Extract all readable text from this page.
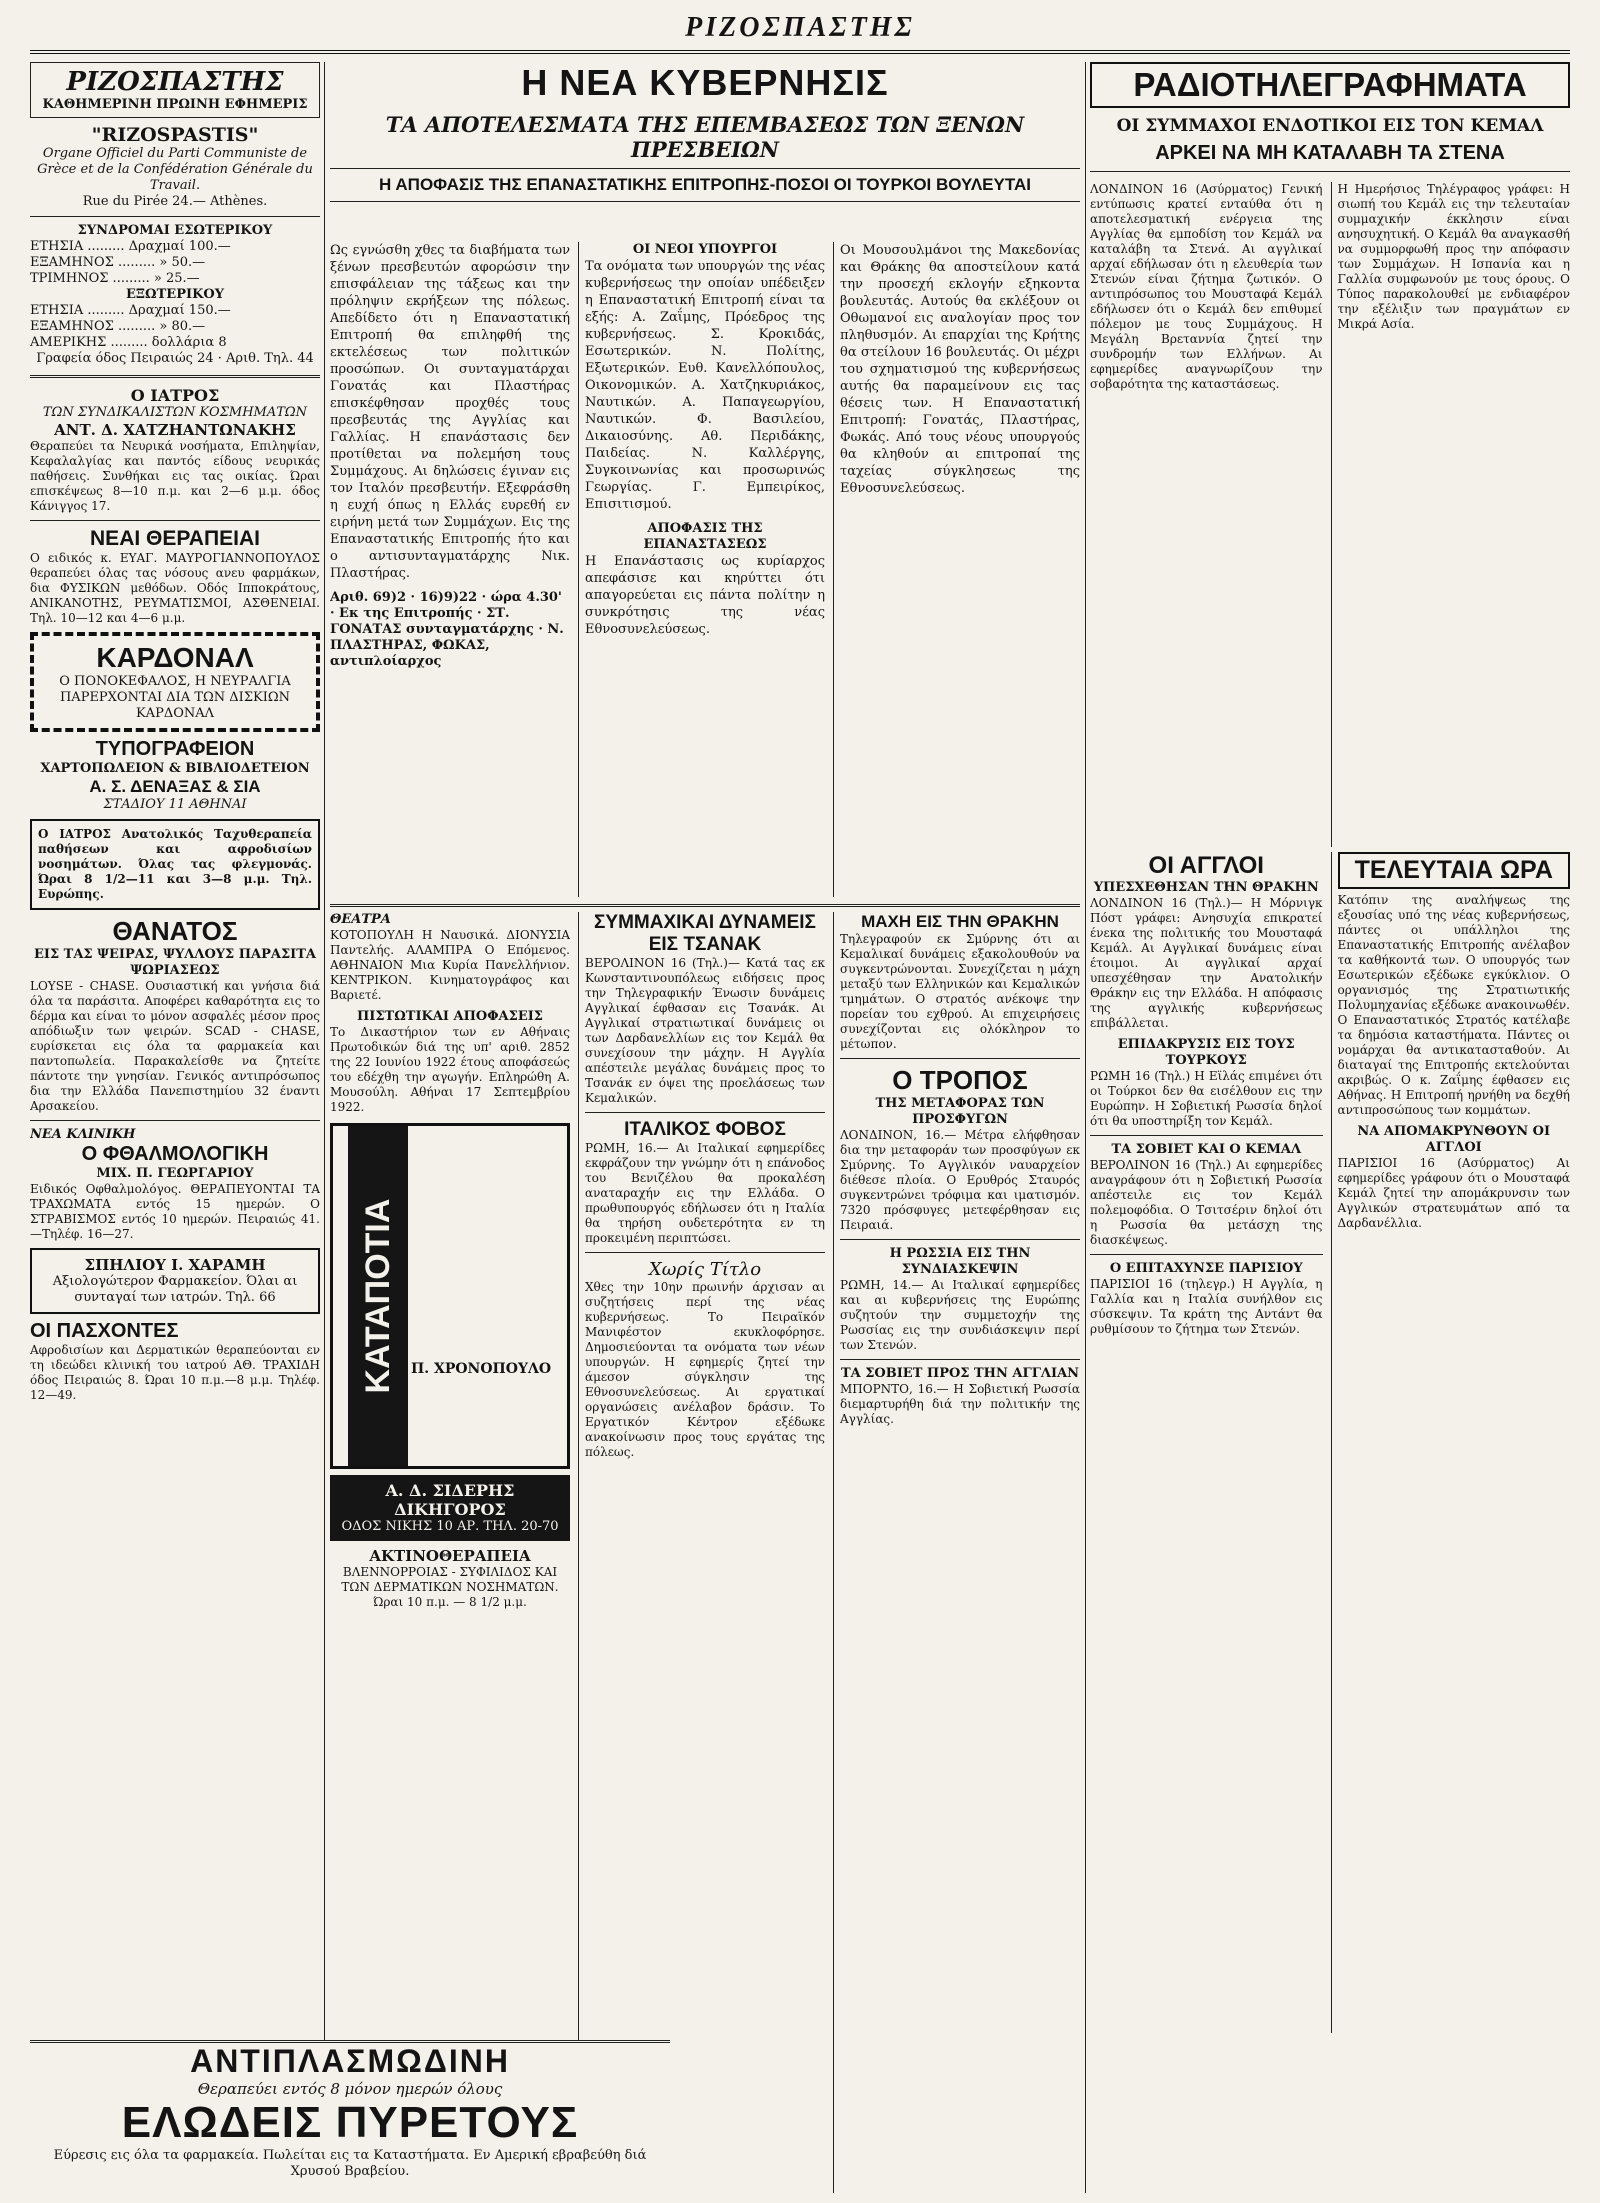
ΡΙΖΟΣΠΑΣΤΗΣ
ΡΙΖΟΣΠΑΣΤΗΣ
ΚΑΘΗΜΕΡΙΝΗ ΠΡΩΙΝΗ ΕΦΗΜΕΡΙΣ
"RIZOSPASTIS"
Organe Officiel du Parti Communiste de Grèce et de la Confédération Générale du Travail.
Rue du Pirée 24.— Athènes.
ΣΥΝΔΡΟΜΑΙ ΕΣΩΤΕΡΙΚΟΥ
ΕΤΗΣΙΑ ......... Δραχμαί 100.—
ΕΞΑΜΗΝΟΣ ......... » 50.—
ΤΡΙΜΗΝΟΣ ......... » 25.—
ΕΞΩΤΕΡΙΚΟΥ
ΕΤΗΣΙΑ ......... Δραχμαί 150.—
ΕΞΑΜΗΝΟΣ ......... » 80.—
ΑΜΕΡΙΚΗΣ ......... δολλάρια 8
Γραφεία όδος Πειραιώς 24 · Αριθ. Τηλ. 44
Ο ΙΑΤΡΟΣ
ΤΩΝ ΣΥΝΔΙΚΑΛΙΣΤΩΝ ΚΟΣΜΗΜΑΤΩΝ
ΑΝΤ. Δ. ΧΑΤΖΗΑΝΤΩΝΑΚΗΣ
Θεραπεύει τα Νευρικά νοσήματα, Επιληψίαν, Κεφαλαλγίας και παντός είδους νευρικάς παθήσεις. Συνθήκαι εις τας οικίας. Ώραι επισκέψεως 8—10 π.μ. και 2—6 μ.μ. όδος Κάνιγγος 17.
ΝΕΑΙ ΘΕΡΑΠΕΙΑΙ
Ο ειδικός κ. ΕΥΑΓ. ΜΑΥΡΟΓΙΑΝΝΟΠΟΥΛΟΣ θεραπεύει όλας τας νόσους ανευ φαρμάκων, δια ΦΥΣΙΚΩΝ μεθόδων. Οδός Ιπποκράτους, ΑΝΙΚΑΝΟΤΗΣ, ΡΕΥΜΑΤΙΣΜΟΙ, ΑΣΘΕΝΕΙΑΙ. Τηλ. 10—12 και 4—6 μ.μ.
ΚΑΡΔΟΝΑΛ
Ο ΠΟΝΟΚΕΦΑΛΟΣ, Η ΝΕΥΡΑΛΓΙΑ ΠΑΡΕΡΧΟΝΤΑΙ ΔΙΑ ΤΩΝ ΔΙΣΚΙΩΝ ΚΑΡΔΟΝΑΛ
ΤΥΠΟΓΡΑΦΕΙΟΝ
ΧΑΡΤΟΠΩΛΕΙΟΝ & ΒΙΒΛΙΟΔΕΤΕΙΟΝ
Α. Σ. ΔΕΝΑΞΑΣ & ΣΙΑ
ΣΤΑΔΙΟΥ 11 ΑΘΗΝΑΙ
Ο ΙΑΤΡΟΣ Ανατολικός Ταχυθεραπεία παθήσεων και αφροδισίων νοσημάτων. Όλας τας φλεγμονάς. Ώραι 8 1/2—11 και 3—8 μ.μ. Τηλ. Ευρώπης.
ΘΑΝΑΤΟΣ
ΕΙΣ ΤΑΣ ΨΕΙΡΑΣ, ΨΥΛΛΟΥΣ ΠΑΡΑΣΙΤΑ ΨΩΡΙΑΣΕΩΣ
LOYSE - CHASE. Ουσιαστική και γνήσια διά όλα τα παράσιτα. Αποφέρει καθαρότητα εις το δέρμα και είναι το μόνον ασφαλές μέσον προς απόδιωξιν των ψειρών. SCAD - CHASE, ευρίσκεται εις όλα τα φαρμακεία και παντοπωλεία. Παρακαλείσθε να ζητείτε πάντοτε την γνησίαν. Γενικός αντιπρόσωπος δια την Ελλάδα Πανεπιστημίου 32 έναντι Αρσακείου.
ΝΕΑ ΚΛΙΝΙΚΗ
Ο ΦΘΑΛΜΟΛΟΓΙΚΗ
ΜΙΧ. Π. ΓΕΩΡΓΑΡΙΟΥ
Ειδικός Οφθαλμολόγος. ΘΕΡΑΠΕΥΟΝΤΑΙ ΤΑ ΤΡΑΧΩΜΑΤΑ εντός 15 ημερών. Ο ΣΤΡΑΒΙΣΜΟΣ εντός 10 ημερών. Πειραιώς 41.—Τηλέφ. 16—27.
ΣΠΗΛΙΟΥ Ι. ΧΑΡΑΜΗ
Αξιολογώτερον Φαρμακείον. Όλαι αι συνταγαί των ιατρών. Τηλ. 66
ΟΙ ΠΑΣΧΟΝΤΕΣ
Αφροδισίων και Δερματικών θεραπεύονται εν τη ιδεώδει κλινική του ιατρού ΑΘ. ΤΡΑΧΙΔΗ όδος Πειραιώς 8. Ώραι 10 π.μ.—8 μ.μ. Τηλέφ. 12—49.
Η ΝΕΑ ΚΥΒΕΡΝΗΣΙΣ
ΤΑ ΑΠΟΤΕΛΕΣΜΑΤΑ ΤΗΣ ΕΠΕΜΒΑΣΕΩΣ ΤΩΝ ΞΕΝΩΝ ΠΡΕΣΒΕΙΩΝ
Η ΑΠΟΦΑΣΙΣ ΤΗΣ ΕΠΑΝΑΣΤΑΤΙΚΗΣ ΕΠΙΤΡΟΠΗΣ-ΠΟΣΟΙ ΟΙ ΤΟΥΡΚΟΙ ΒΟΥΛΕΥΤΑΙ
Ως εγνώσθη χθες τα διαβήματα των ξένων πρεσβευτών αφορώσιν την επισφάλειαν της τάξεως και την πρόληψιν εκρήξεων της πόλεως. Απεδίδετο ότι η Επαναστατική Επιτροπή θα επιληφθή της εκτελέσεως των πολιτικών προσώπων. Οι συνταγματάρχαι Γονατάς και Πλαστήρας επισκέφθησαν προχθές τους πρεσβευτάς της Αγγλίας και Γαλλίας. Η επανάστασις δεν προτίθεται να πολεμήση τους Συμμάχους. Αι δηλώσεις έγιναν εις τον Ιταλόν πρεσβευτήν. Εξεφράσθη η ευχή όπως η Ελλάς ευρεθή εν ειρήνη μετά των Συμμάχων. Εις της Επαναστατικής Επιτροπής ήτο και ο αντισυνταγματάρχης Νικ. Πλαστήρας.
Αριθ. 69)2 · 16)9)22 · ώρα 4.30' · Εκ της Επιτροπής · ΣΤ. ΓΟΝΑΤΑΣ συνταγματάρχης · Ν. ΠΛΑΣΤΗΡΑΣ, ΦΩΚΑΣ, αντιπλοίαρχος
ΟΙ ΝΕΟΙ ΥΠΟΥΡΓΟΙ
Τα ονόματα των υπουργών της νέας κυβερνήσεως την οποίαν υπέδειξεν η Επαναστατική Επιτροπή είναι τα εξής: Α. Ζαΐμης, Πρόεδρος της κυβερνήσεως. Σ. Κροκιδάς, Εσωτερικών. Ν. Πολίτης, Εξωτερικών. Ευθ. Κανελλόπουλος, Οικονομικών. Α. Χατζηκυριάκος, Ναυτικών. Α. Παπαγεωργίου, Ναυτικών. Φ. Βασιλείου, Δικαιοσύνης. Αθ. Περιδάκης, Παιδείας. Ν. Καλλέργης, Συγκοινωνίας και προσωρινώς Γεωργίας. Γ. Εμπειρίκος, Επισιτισμού.
ΑΠΟΦΑΣΙΣ ΤΗΣ ΕΠΑΝΑΣΤΑΣΕΩΣ
Η Επανάστασις ως κυρίαρχος απεφάσισε και κηρύττει ότι απαγορεύεται εις πάντα πολίτην η συνκρότησις της νέας Εθνοσυνελεύσεως.
Οι Μουσουλμάνοι της Μακεδονίας και Θράκης θα αποστείλουν κατά την προσεχή εκλογήν εξηκοντα βουλευτάς. Αυτούς θα εκλέξουν οι Οθωμανοί εις αναλογίαν προς τον πληθυσμόν. Αι επαρχίαι της Κρήτης θα στείλουν 16 βουλευτάς. Οι μέχρι του σχηματισμού της κυβερνήσεως αυτής θα παραμείνουν εις τας θέσεις των. Η Επαναστατική Επιτροπή: Γονατάς, Πλαστήρας, Φωκάς. Από τους νέους υπουργούς θα κληθούν αι επιτροπαί της ταχείας σύγκλησεως της Εθνοσυνελεύσεως.
ΘΕΑΤΡΑ
ΚΟΤΟΠΟΥΛΗ Η Ναυσικά. ΔΙΟΝΥΣΙΑ Παντελής. ΑΛΑΜΠΡΑ Ο Επόμενος. ΑΘΗΝΑΙΟΝ Μια Κυρία Πανελλήνιον. ΚΕΝΤΡΙΚΟΝ. Κινηματογράφος και Βαριετέ.
ΠΙΣΤΩΤΙΚΑΙ ΑΠΟΦΑΣΕΙΣ
Το Δικαστήριον των εν Αθήναις Πρωτοδικών διά της υπ' αριθ. 2852 της 22 Ιουνίου 1922 έτους αποφάσεώς του εδέχθη την αγωγήν. Επληρώθη Α. Μουσούλη. Αθήναι 17 Σεπτεμβρίου 1922.
ΚΑΤΑΠΟΤΙΑ ΚΟΥΡΙΕΡ
Π. ΧΡΟΝΟΠΟΥΛΟ
Α. Δ. ΣΙΔΕΡΗΣ ΔΙΚΗΓΟΡΟΣ
ΟΔΟΣ ΝΙΚΗΣ 10 ΑΡ. ΤΗΛ. 20-70
ΑΚΤΙΝΟΘΕΡΑΠΕΙΑ
ΒΛΕΝΝΟΡΡΟΙΑΣ - ΣΥΦΙΛΙΔΟΣ ΚΑΙ ΤΩΝ ΔΕΡΜΑΤΙΚΩΝ ΝΟΣΗΜΑΤΩΝ. Ώραι 10 π.μ. — 8 1/2 μ.μ.
ΣΥΜΜΑΧΙΚΑΙ ΔΥΝΑΜΕΙΣ ΕΙΣ ΤΣΑΝΑΚ
ΒΕΡΟΛΙΝΟΝ 16 (Τηλ.)— Κατά τας εκ Κωνσταντινουπόλεως ειδήσεις προς την Τηλεγραφικήν Ένωσιν δυνάμεις Αγγλικαί έφθασαν εις Τσανάκ. Αι Αγγλικαί στρατιωτικαί δυνάμεις οι των Δαρδανελλίων εις τον Κεμάλ θα συνεχίσουν την μάχην. Η Αγγλία απέστειλε μεγάλας δυνάμεις προς το Τσανάκ εν όψει της προελάσεως των Κεμαλικών.
ΙΤΑΛΙΚΟΣ ΦΟΒΟΣ
ΡΩΜΗ, 16.— Αι Ιταλικαί εφημερίδες εκφράζουν την γνώμην ότι η επάνοδος του Βενιζέλου θα προκαλέση αναταραχήν εις την Ελλάδα. Ο πρωθυπουργός εδήλωσεν ότι η Ιταλία θα τηρήση ουδετερότητα εν τη προκειμένη περιπτώσει.
Χωρίς Τίτλο
Χθες την 10ην πρωινήν άρχισαν αι συζητήσεις περί της νέας κυβερνήσεως. Το Πειραϊκόν Μανιφέστον εκυκλοφόρησε. Δημοσιεύονται τα ονόματα των νέων υπουργών. Η εφημερίς ζητεί την άμεσον σύγκλησιν της Εθνοσυνελεύσεως. Αι εργατικαί οργανώσεις ανέλαβον δράσιν. Το Εργατικόν Κέντρον εξέδωκε ανακοίνωσιν προς τους εργάτας της πόλεως.
ΜΑΧΗ ΕΙΣ ΤΗΝ ΘΡΑΚΗΝ
Τηλεγραφούν εκ Σμύρνης ότι αι Κεμαλικαί δυνάμεις εξακολουθούν να συγκεντρώνονται. Συνεχίζεται η μάχη μεταξύ των Ελληνικών και Κεμαλικών τμημάτων. Ο στρατός ανέκοψε την πορείαν του εχθρού. Αι επιχειρήσεις συνεχίζονται εις ολόκληρον το μέτωπον.
Ο ΤΡΟΠΟΣ
ΤΗΣ ΜΕΤΑΦΟΡΑΣ ΤΩΝ ΠΡΟΣΦΥΓΩΝ
ΛΟΝΔΙΝΟΝ, 16.— Μέτρα ελήφθησαν δια την μεταφοράν των προσφύγων εκ Σμύρνης. Το Αγγλικόν ναυαρχείον διέθεσε πλοία. Ο Ερυθρός Σταυρός συγκεντρώνει τρόφιμα και ιματισμόν. 7320 πρόσφυγες μετεφέρθησαν εις Πειραιά.
Η ΡΩΣΣΙΑ ΕΙΣ ΤΗΝ ΣΥΝΔΙΑΣΚΕΨΙΝ
ΡΩΜΗ, 14.— Αι Ιταλικαί εφημερίδες και αι κυβερνήσεις της Ευρώπης συζητούν την συμμετοχήν της Ρωσσίας εις την συνδιάσκεψιν περί των Στενών.
ΤΑ ΣΟΒΙΕΤ ΠΡΟΣ ΤΗΝ ΑΓΓΛΙΑΝ
ΜΠΟΡΝΤΟ, 16.— Η Σοβιετική Ρωσσία διεμαρτυρήθη διά την πολιτικήν της Αγγλίας.
ΡΑΔΙΟΤΗΛΕΓΡΑΦΗΜΑΤΑ
ΟΙ ΣΥΜΜΑΧΟΙ ΕΝΔΟΤΙΚΟΙ ΕΙΣ ΤΟΝ ΚΕΜΑΛ
ΑΡΚΕΙ ΝΑ ΜΗ ΚΑΤΑΛΑΒΗ ΤΑ ΣΤΕΝΑ
ΛΟΝΔΙΝΟΝ 16 (Ασύρματος) Γενική εντύπωσις κρατεί ενταύθα ότι η αποτελεσματική ενέργεια της Αγγλίας θα εμποδίση τον Κεμάλ να καταλάβη τα Στενά. Αι αγγλικαί αρχαί εδήλωσαν ότι η ελευθερία των Στενών είναι ζήτημα ζωτικόν. Ο αντιπρόσωπος του Μουσταφά Κεμάλ εδήλωσεν ότι ο Κεμάλ δεν επιθυμεί πόλεμον με τους Συμμάχους. Η Μεγάλη Βρεταννία ζητεί την συνδρομήν των Ελλήνων. Αι εφημερίδες αναγνωρίζουν την σοβαρότητα της καταστάσεως.
Η Ημερήσιος Τηλέγραφος γράφει: Η σιωπή του Κεμάλ εις την τελευταίαν συμμαχικήν έκκλησιν είναι ανησυχητική. Ο Κεμάλ θα αναγκασθή να συμμορφωθή προς την απόφασιν των Συμμάχων. Η Ισπανία και η Γαλλία συμφωνούν με τους όρους. Ο Τύπος παρακολουθεί με ενδιαφέρον την εξέλιξιν των πραγμάτων εν Μικρά Ασία.
ΟΙ ΑΓΓΛΟΙ
ΥΠΕΣΧΕΘΗΣΑΝ ΤΗΝ ΘΡΑΚΗΝ
ΛΟΝΔΙΝΟΝ 16 (Τηλ.)— Η Μόρνιγκ Πόστ γράφει: Ανησυχία επικρατεί ένεκα της πολιτικής του Μουσταφά Κεμάλ. Αι Αγγλικαί δυνάμεις είναι έτοιμοι. Αι αγγλικαί αρχαί υπεσχέθησαν την Ανατολικήν Θράκην εις την Ελλάδα. Η απόφασις της αγγλικής κυβερνήσεως επιβάλλεται.
ΕΠΙΔΑΚΡΥΣΙΣ ΕΙΣ ΤΟΥΣ ΤΟΥΡΚΟΥΣ
ΡΩΜΗ 16 (Τηλ.) Η Εϊλάς επιμένει ότι οι Τούρκοι δεν θα εισέλθουν εις την Ευρώπην. Η Σοβιετική Ρωσσία δηλοί ότι θα υποστηρίξη τον Κεμάλ.
ΤΑ ΣΟΒΙΕΤ ΚΑΙ Ο ΚΕΜΑΛ
ΒΕΡΟΛΙΝΟΝ 16 (Τηλ.) Αι εφημερίδες αναγράφουν ότι η Σοβιετική Ρωσσία απέστειλε εις τον Κεμάλ πολεμοφόδια. Ο Τσιτσέριν δηλοί ότι η Ρωσσία θα μετάσχη της διασκέψεως.
Ο ΕΠΙΤΑΧΥΝΣΕ ΠΑΡΙΣΙΟΥ
ΠΑΡΙΣΙΟΙ 16 (τηλεγρ.) Η Αγγλία, η Γαλλία και η Ιταλία συνήλθον εις σύσκεψιν. Τα κράτη της Αντάντ θα ρυθμίσουν το ζήτημα των Στενών.
ΤΕΛΕΥΤΑΙΑ ΩΡΑ
Κατόπιν της αναλήψεως της εξουσίας υπό της νέας κυβερνήσεως, πάντες οι υπάλληλοι της Επαναστατικής Επιτροπής ανέλαβον τα καθήκοντά των. Ο υπουργός των Εσωτερικών εξέδωκε εγκύκλιον. Ο οργανισμός της Στρατιωτικής Πολυμηχανίας εξέδωκε ανακοινωθέν. Ο Επαναστατικός Στρατός κατέλαβε τα δημόσια καταστήματα. Πάντες οι νομάρχαι θα αντικατασταθούν. Αι διαταγαί της Επιτροπής εκτελούνται ακριβώς. Ο κ. Ζαΐμης έφθασεν εις Αθήνας. Η Επιτροπή ηρνήθη να δεχθή αντιπροσώπους των κομμάτων.
ΝΑ ΑΠΟΜΑΚΡΥΝΘΟΥΝ ΟΙ ΑΓΓΛΟΙ
ΠΑΡΙΣΙΟΙ 16 (Ασύρματος) Αι εφημερίδες γράφουν ότι ο Μουσταφά Κεμάλ ζητεί την απομάκρυνσιν των Αγγλικών στρατευμάτων από τα Δαρδανέλλια.
ΑΝΤΙΠΛΑΣΜΩΔΙΝΗ
Θεραπεύει εντός 8 μόνον ημερών όλους
ΕΛΩΔΕΙΣ ΠΥΡΕΤΟΥΣ
Εύρεσις εις όλα τα φαρμακεία. Πωλείται εις τα Καταστήματα. Εν Αμερική εβραβεύθη διά Χρυσού Βραβείου.
